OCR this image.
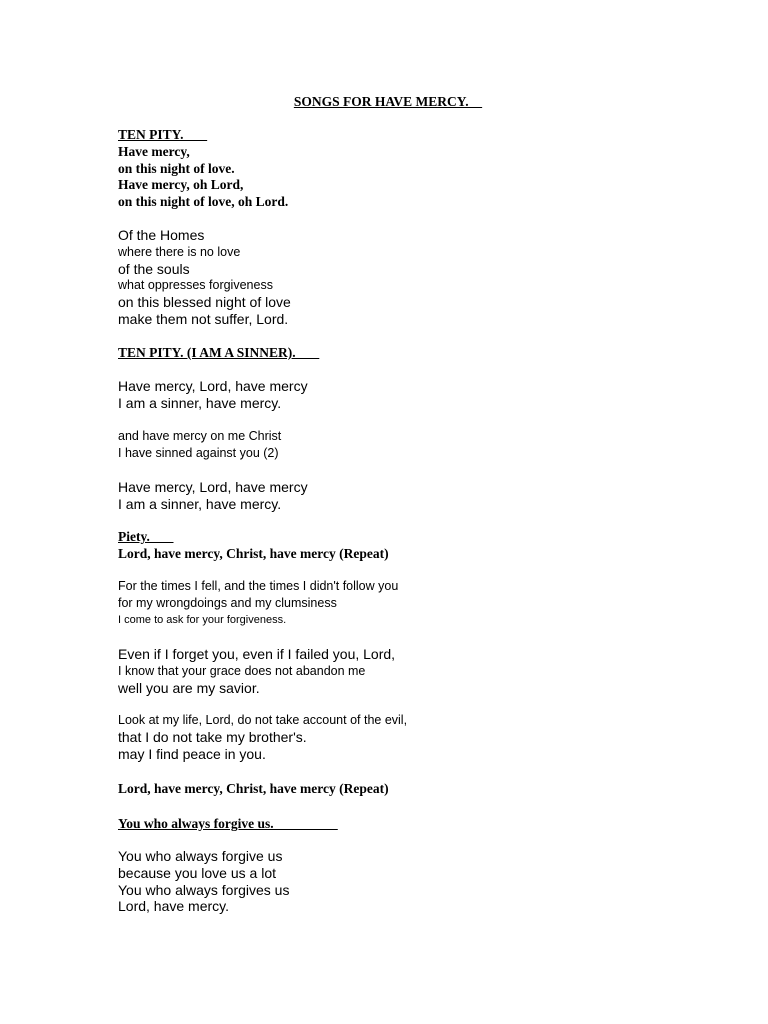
SONGS FOR HAVE MERCY.
TEN PITY.
Have mercy,
on this night of love.
Have mercy, oh Lord,
on this night of love, oh Lord.
Of the Homes
where there is no love
of the souls
what oppresses forgiveness
on this blessed night of love
make them not suffer, Lord.
TEN PITY. (I AM A SINNER).
Have mercy, Lord, have mercy
I am a sinner, have mercy.
and have mercy on me Christ
I have sinned against you (2)
Have mercy, Lord, have mercy
I am a sinner, have mercy.
Piety.
Lord, have mercy, Christ, have mercy (Repeat)
For the times I fell, and the times I didn't follow you
for my wrongdoings and my clumsiness
I come to ask for your forgiveness.
Even if I forget you, even if I failed you, Lord,
I know that your grace does not abandon me
well you are my savior.
Look at my life, Lord, do not take account of the evil,
that I do not take my brother's.
may I find peace in you.
Lord, have mercy, Christ, have mercy (Repeat)
You who always forgive us.
You who always forgive us
because you love us a lot
You who always forgives us
Lord, have mercy.
